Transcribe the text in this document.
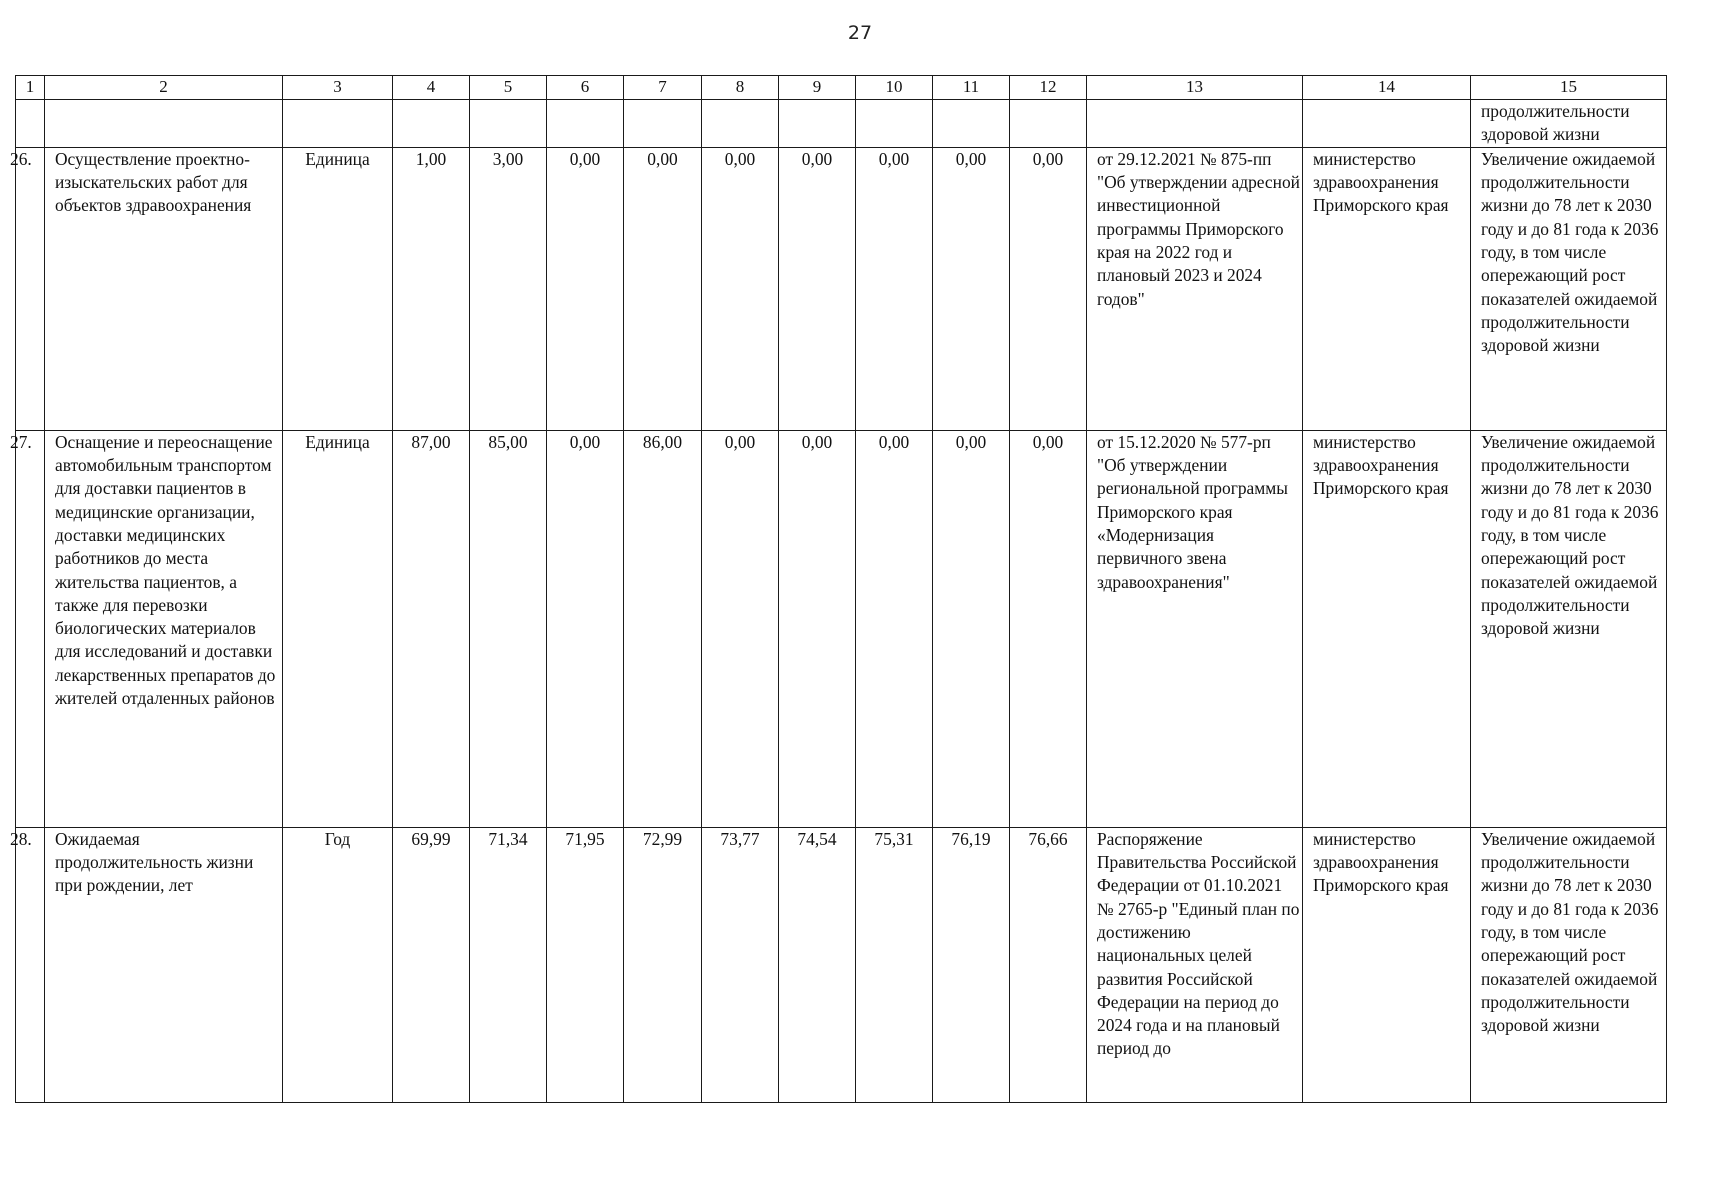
27
1	2	3	4	5	6	7	8	9	10	11	12	13	14	15
														продолжительности здоровой жизни
26.	Осуществление проектно-изыскательских работ для объектов здравоохранения	Единица	1,00	3,00	0,00	0,00	0,00	0,00	0,00	0,00	0,00	от 29.12.2021 № 875-пп "Об утверждении адресной инвестиционной программы Приморского края на 2022 год и плановый 2023 и 2024 годов"	министерство здравоохранения Приморского края	Увеличение ожидаемой продолжительности жизни до 78 лет к 2030 году и до 81 года к 2036 году, в том числе опережающий рост показателей ожидаемой продолжительности здоровой жизни
27.	Оснащение и переоснащение автомобильным транспортом для доставки пациентов в медицинские организации, доставки медицинских работников до места жительства пациентов, а также для перевозки биологических материалов для исследований и доставки лекарственных препаратов до жителей отдаленных районов	Единица	87,00	85,00	0,00	86,00	0,00	0,00	0,00	0,00	0,00	от 15.12.2020 № 577-рп "Об утверждении региональной программы Приморского края «Модернизация первичного звена здравоохранения"	министерство здравоохранения Приморского края	Увеличение ожидаемой продолжительности жизни до 78 лет к 2030 году и до 81 года к 2036 году, в том числе опережающий рост показателей ожидаемой продолжительности здоровой жизни
28.	Ожидаемая продолжительность жизни при рождении, лет	Год	69,99	71,34	71,95	72,99	73,77	74,54	75,31	76,19	76,66	Распоряжение Правительства Российской Федерации от 01.10.2021 № 2765-р "Единый план по достижению национальных целей развития Российской Федерации на период до 2024 года и на плановый период до	министерство здравоохранения Приморского края	Увеличение ожидаемой продолжительности жизни до 78 лет к 2030 году и до 81 года к 2036 году, в том числе опережающий рост показателей ожидаемой продолжительности здоровой жизни
